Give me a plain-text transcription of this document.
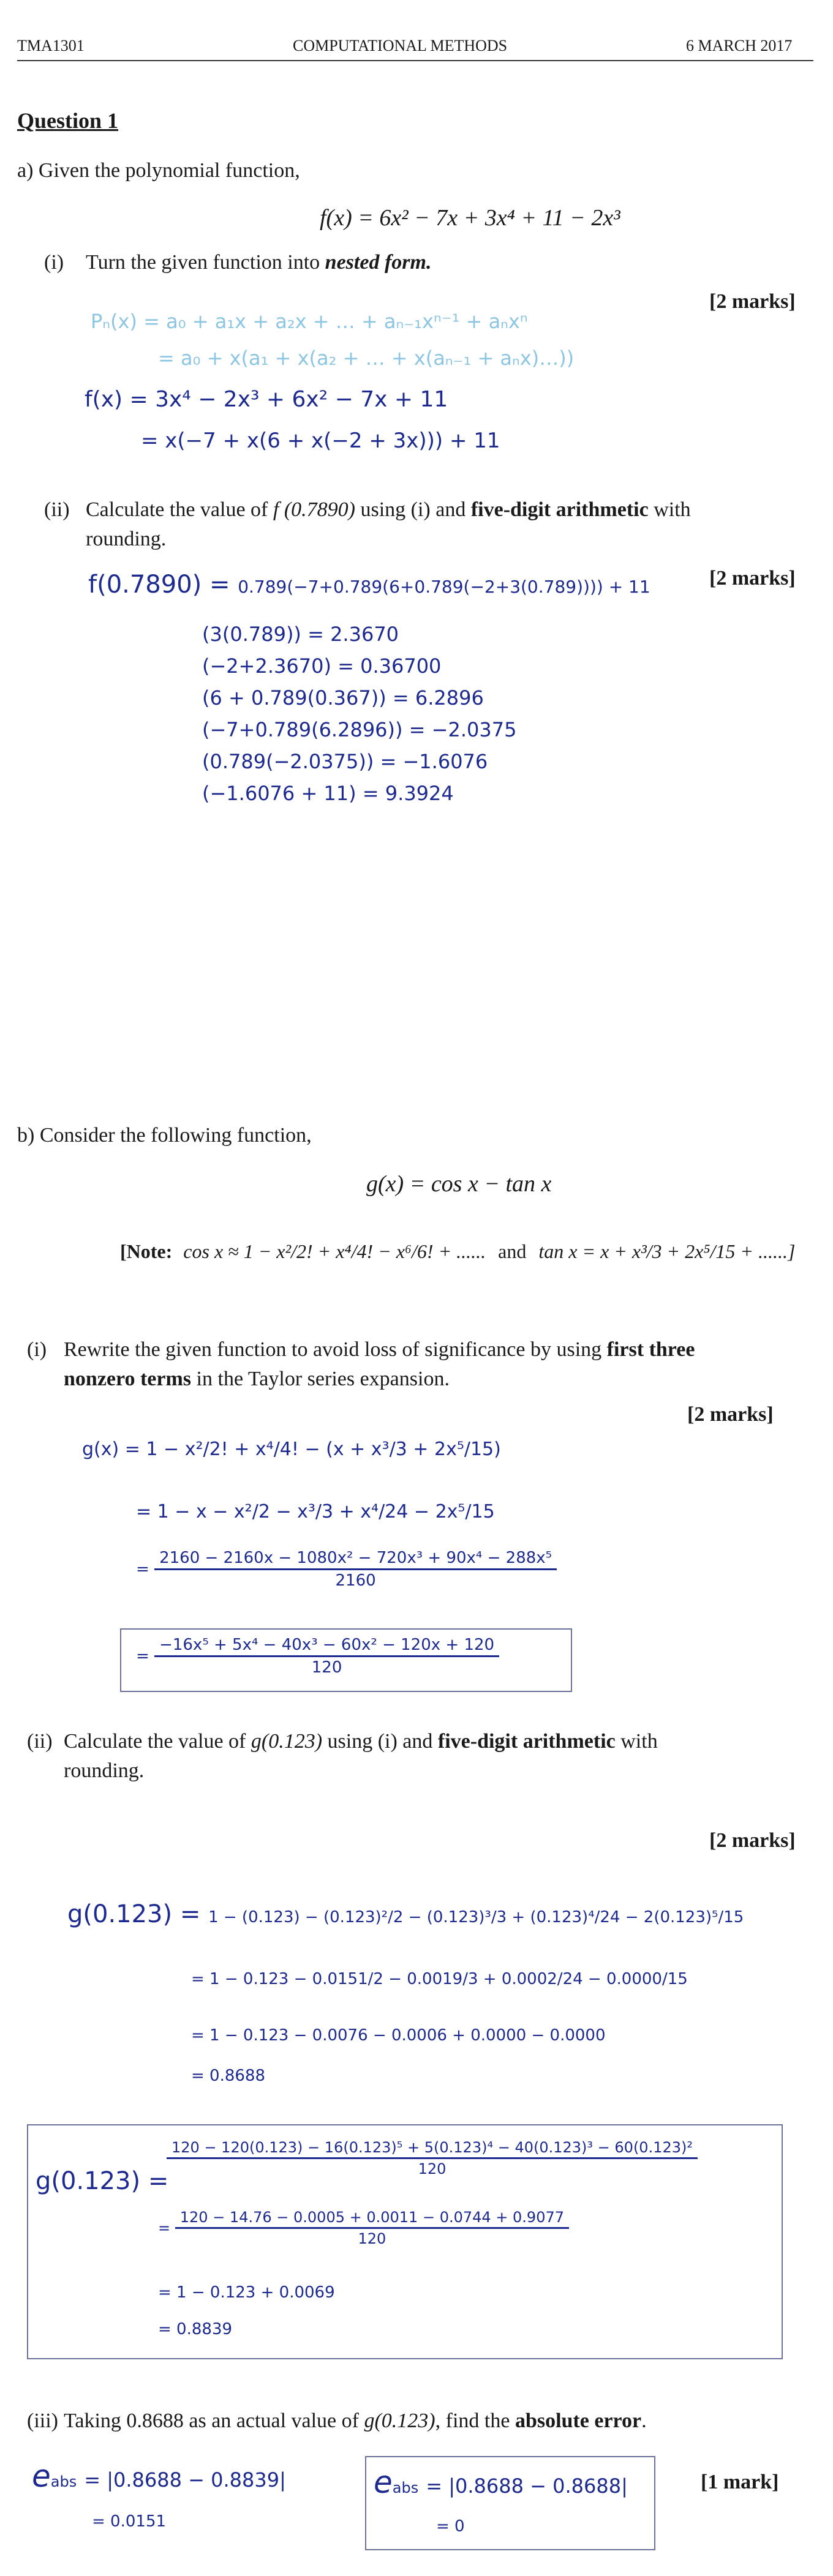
TMA1301	COMPUTATIONAL METHODS	6 MARCH 2017
Question 1
a) Given the polynomial function,
f(x) = 6x² − 7x + 3x⁴ + 11 − 2x³
(i) Turn the given function into nested form.
[2 marks]
Pₙ(x) = a₀ + a₁x + a₂x + … + aₙ₋₁xⁿ⁻¹ + aₙxⁿ
= a₀ + x(a₁ + x(a₂ + … + x(aₙ₋₁ + aₙx)…))
f(x) = 3x⁴ − 2x³ + 6x² − 7x + 11
= x(−7 + x(6 + x(−2 + 3x))) + 11
(ii) Calculate the value of f (0.7890) using (i) and five-digit arithmetic with
rounding.
f(0.7890) = 0.789(−7+0.789(6+0.789(−2+3(0.789)))) + 11	[2 marks]
(3(0.789)) = 2.3670
(−2+2.3670) = 0.36700
(6 + 0.789(0.367)) = 6.2896
(−7+0.789(6.2896)) = −2.0375
(0.789(−2.0375)) = −1.6076
(−1.6076 + 11) = 9.3924
b) Consider the following function,
g(x) = cos x − tan x
[Note: cos x ≈ 1 − x²/2! + x⁴/4! − x⁶/6! + ...... and tan x = x + x³/3 + 2x⁵/15 + ......]
(i) Rewrite the given function to avoid loss of significance by using first three
nonzero terms in the Taylor series expansion.
[2 marks]
g(x) = 1 − x²/2! + x⁴/4! − (x + x³/3 + 2x⁵/15)
= 1 − x − x²/2 − x³/3 + x⁴/24 − 2x⁵/15
= $\frac{\text{2160 − 2160x − 1080x² − 720x³ + 90x⁴ − 288x⁵}}{2160}$
= $\frac{\text{−16x⁵ + 5x⁴ − 40x³ − 60x² − 120x + 120}}{120}$
(ii) Calculate the value of g(0.123) using (i) and five-digit arithmetic with
rounding.
[2 marks]
g(0.123) = 1 − (0.123) − (0.123)²/2 − (0.123)³/3 + (0.123)⁴/24 − 2(0.123)⁵/15
= 1 − 0.123 − 0.0151/2 − 0.0019/3 + 0.0002/24 − 0.0000/15
= 1 − 0.123 − 0.0076 − 0.0006 + 0.0000 − 0.0000
= 0.8688
g(0.123) =
120 − 120(0.123) − 16(0.123)⁵ + 5(0.123)⁴ − 40(0.123)³ − 60(0.123)²
120
= $\frac{120 - 14.76 - 0.0005 + 0.0011 - 0.0744 + 0.9077}{120}$
= 1 − 0.123 + 0.0069
= 0.8839
(iii) Taking 0.8688 as an actual value of g(0.123), find the absolute error.
eabs = |0.8688 − 0.8839|
= 0.0151
eabs = |0.8688 − 0.8688|
= 0
[1 mark]
